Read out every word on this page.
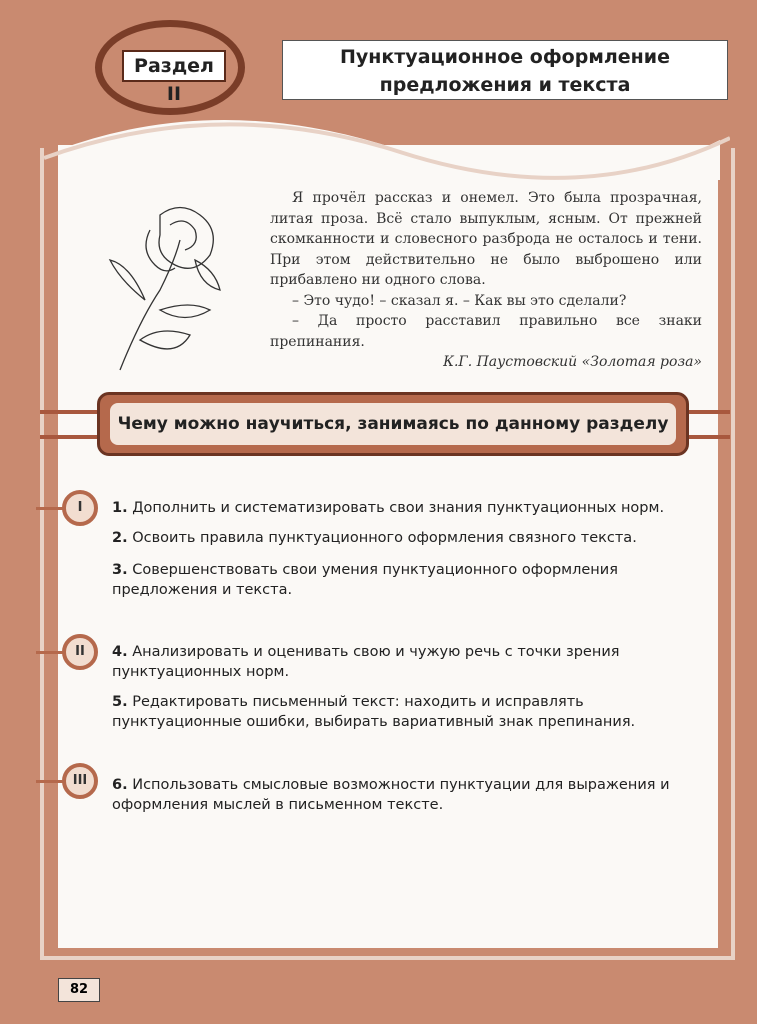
Раздел II
Пунктуационное оформление
предложения и текста

Я прочёл рассказ и онемел. Это была прозрачная, литая проза. Всё стало выпуклым, ясным. От прежней скомканности и словесного разброда не осталось и тени. При этом действительно не было выброшено или прибавлено ни одного слова.

– Это чудо! – сказал я. – Как вы это сделали?

– Да просто расставил правильно все знаки препинания.

К.Г. Паустовский «Золотая роза»
Чему можно научиться, занимаясь по данному разделу
I	1. Дополнить и систематизировать свои знания пунктуационных норм.
2. Освоить правила пунктуационного оформления связного текста.
3. Совершенствовать свои умения пунктуационного оформления предложения и текста.
II	4. Анализировать и оценивать свою и чужую речь с точки зрения пунктуационных норм.
5. Редактировать письменный текст: находить и исправлять пунктуационные ошибки, выбирать вариативный знак препинания.
III	6. Использовать смысловые возможности пунктуации для выражения и оформления мыслей в письменном тексте.
82
